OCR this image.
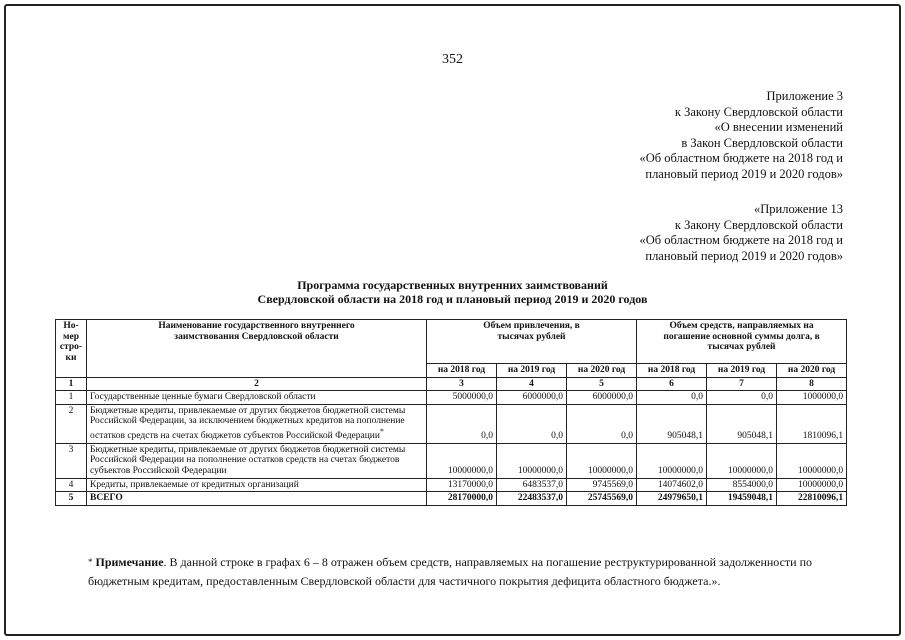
352
Приложение 3
к Закону Свердловской области
«О внесении изменений
в Закон Свердловской области
«Об областном бюджете на 2018 год и
плановый период 2019 и 2020 годов»
«Приложение 13
к Закону Свердловской области
«Об областном бюджете на 2018 год и
плановый период 2019 и 2020 годов»
Программа государственных внутренних заимствований
Свердловской области на 2018 год и плановый период 2019 и 2020 годов
Но-
мер
стро-
ки	Наименование государственного внутреннего заимствования Свердловской области	Объем привлечения, в тысячах рублей			Объем средств, направляемых на погашение основной суммы долга, в тысячах рублей		
		на 2018 год	на 2019 год	на 2020 год	на 2018 год	на 2019 год	на 2020 год
1	2	3	4	5	6	7	8
1	Государственные ценные бумаги Свердловской области	5000000,0	6000000,0	6000000,0	0,0	0,0	1000000,0
2	Бюджетные кредиты, привлекаемые от других бюджетов бюджетной системы Российской Федерации, за исключением бюджетных кредитов на пополнение остатков средств на счетах бюджетов субъектов Российской Федерации*	0,0	0,0	0,0	905048,1	905048,1	1810096,1
3	Бюджетные кредиты, привлекаемые от других бюджетов бюджетной системы Российской Федерации на пополнение остатков средств на счетах бюджетов субъектов Российской Федерации	10000000,0	10000000,0	10000000,0	10000000,0	10000000,0	10000000,0
4	Кредиты, привлекаемые от кредитных организаций	13170000,0	6483537,0	9745569,0	14074602,0	8554000,0	10000000,0
5	ВСЕГО	28170000,0	22483537,0	25745569,0	24979650,1	19459048,1	22810096,1
* Примечание. В данной строке в графах 6 – 8 отражен объем средств, направляемых на погашение реструктурированной задолженности по бюджетным кредитам, предоставленным Свердловской области для частичного покрытия дефицита областного бюджета.».
